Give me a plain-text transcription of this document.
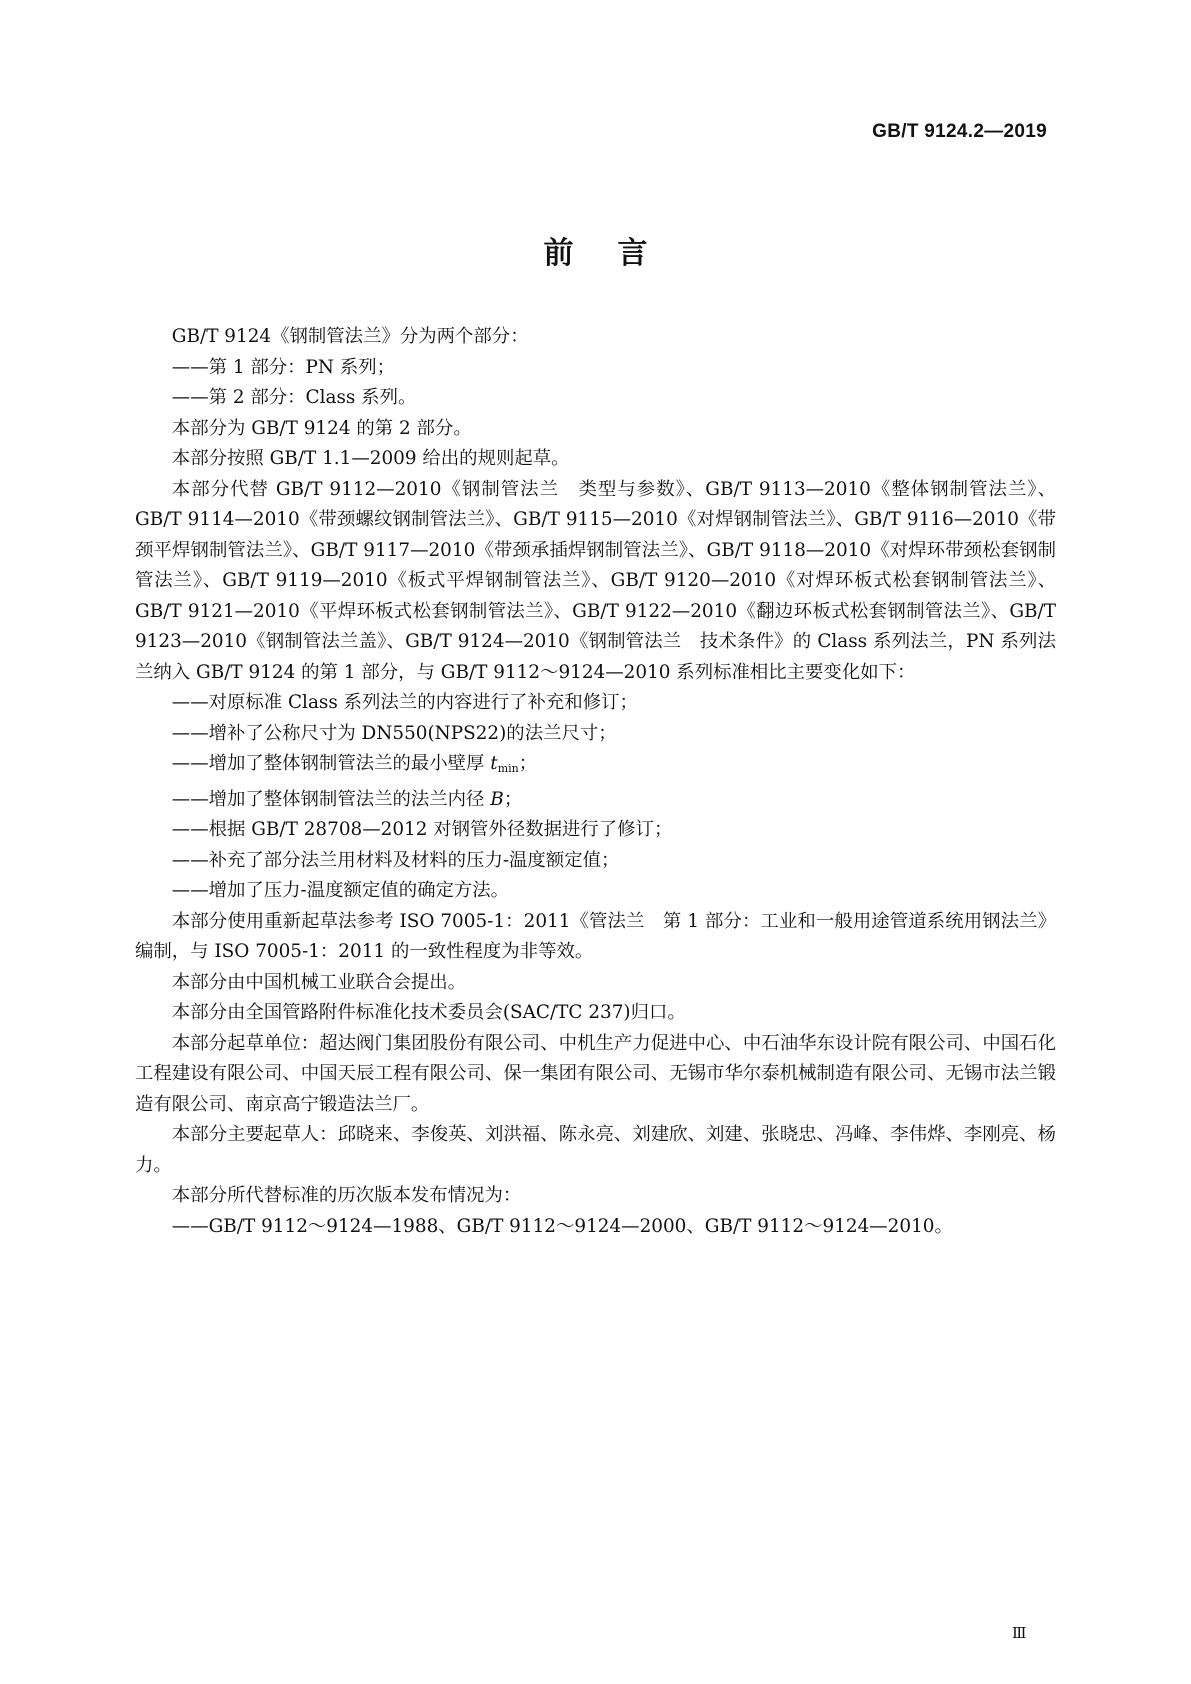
GB/T 9124.2—2019

前言

GB/T 9124《钢制管法兰》分为两个部分：

——第 1 部分：PN 系列；

——第 2 部分：Class 系列。

本部分为 GB/T 9124 的第 2 部分。

本部分按照 GB/T 1.1—2009 给出的规则起草。

本部分代替 GB/T 9112—2010《钢制管法兰　类型与参数》、GB/T 9113—2010《整体钢制管法兰》、GB/T 9114—2010《带颈螺纹钢制管法兰》、GB/T 9115—2010《对焊钢制管法兰》、GB/T 9116—2010《带颈平焊钢制管法兰》、GB/T 9117—2010《带颈承插焊钢制管法兰》、GB/T 9118—2010《对焊环带颈松套钢制管法兰》、GB/T 9119—2010《板式平焊钢制管法兰》、GB/T 9120—2010《对焊环板式松套钢制管法兰》、GB/T 9121—2010《平焊环板式松套钢制管法兰》、GB/T 9122—2010《翻边环板式松套钢制管法兰》、GB/T 9123—2010《钢制管法兰盖》、GB/T 9124—2010《钢制管法兰　技术条件》的 Class 系列法兰，PN 系列法兰纳入 GB/T 9124 的第 1 部分，与 GB/T 9112～9124—2010 系列标准相比主要变化如下：

——对原标准 Class 系列法兰的内容进行了补充和修订；

——增补了公称尺寸为 DN550(NPS22)的法兰尺寸；

——增加了整体钢制管法兰的最小壁厚 $t_{min}$；

——增加了整体钢制管法兰的法兰内径 B；

——根据 GB/T 28708—2012 对钢管外径数据进行了修订；

——补充了部分法兰用材料及材料的压力-温度额定值；

——增加了压力-温度额定值的确定方法。

本部分使用重新起草法参考 ISO 7005-1：2011《管法兰　第 1 部分：工业和一般用途管道系统用钢法兰》编制，与 ISO 7005-1：2011 的一致性程度为非等效。

本部分由中国机械工业联合会提出。

本部分由全国管路附件标准化技术委员会(SAC/TC 237)归口。

本部分起草单位：超达阀门集团股份有限公司、中机生产力促进中心、中石油华东设计院有限公司、中国石化工程建设有限公司、中国天辰工程有限公司、保一集团有限公司、无锡市华尔泰机械制造有限公司、无锡市法兰锻造有限公司、南京高宁锻造法兰厂。

本部分主要起草人：邱晓来、李俊英、刘洪福、陈永亮、刘建欣、刘建、张晓忠、冯峰、李伟烨、李刚亮、杨力。

本部分所代替标准的历次版本发布情况为：

——GB/T 9112～9124—1988、GB/T 9112～9124—2000、GB/T 9112～9124—2010。

Ⅲ
